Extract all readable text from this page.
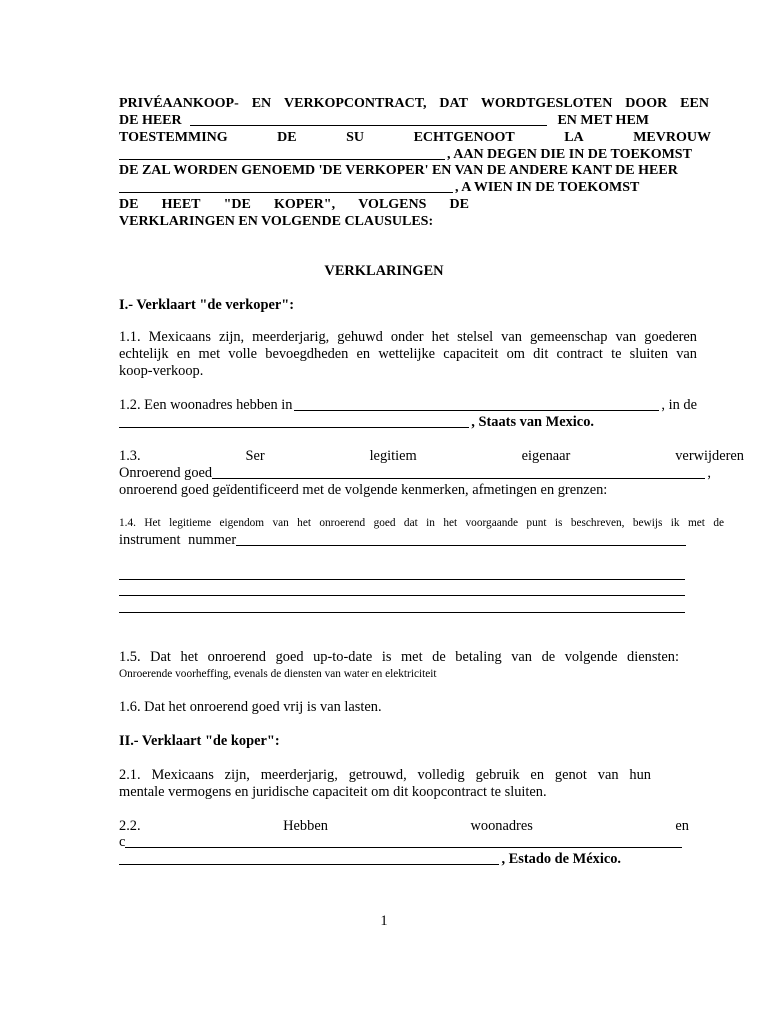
PRIVÉAANKOOP- EN VERKOPCONTRACT, DAT WORDTGESLOTEN DOOR EEN
DE HEER	EN MET HEM
TOESTEMMING	DE	SU	ECHTGENOOT	LA	MEVROUW
, AAN DEGEN DIE IN DE TOEKOMST
DE ZAL WORDEN GENOEMD 'DE VERKOPER' EN VAN DE ANDERE KANT DE HEER
, A WIEN IN DE TOEKOMST
DE HEET "DE KOPER", VOLGENS DE
VERKLARINGEN EN VOLGENDE CLAUSULES:
VERKLARINGEN
I.- Verklaart "de verkoper":
1.1. Mexicaans zijn, meerderjarig, gehuwd onder het stelsel van gemeenschap van goederen
echtelijk en met volle bevoegdheden en wettelijke capaciteit om dit contract te sluiten van
koop-verkoop.
1.2. Een woonadres hebben in	, in de
, Staats van Mexico.
1.3.	Ser	legitiem	eigenaar	verwijderen
Onroerend goed	,
onroerend goed geïdentificeerd met de volgende kenmerken, afmetingen en grenzen:
1.4. Het legitieme eigendom van het onroerend goed dat in het voorgaande punt is beschreven, bewijs ik met de
instrument nummer
1.5. Dat het onroerend goed up-to-date is met de betaling van de volgende diensten:
Onroerende voorheffing, evenals de diensten van water en elektriciteit
1.6. Dat het onroerend goed vrij is van lasten.
II.- Verklaart "de koper":
2.1. Mexicaans zijn, meerderjarig, getrouwd, volledig gebruik en genot van hun
mentale vermogens en juridische capaciteit om dit koopcontract te sluiten.
2.2.	Hebben	woonadres	en
c
, Estado de México.
1
